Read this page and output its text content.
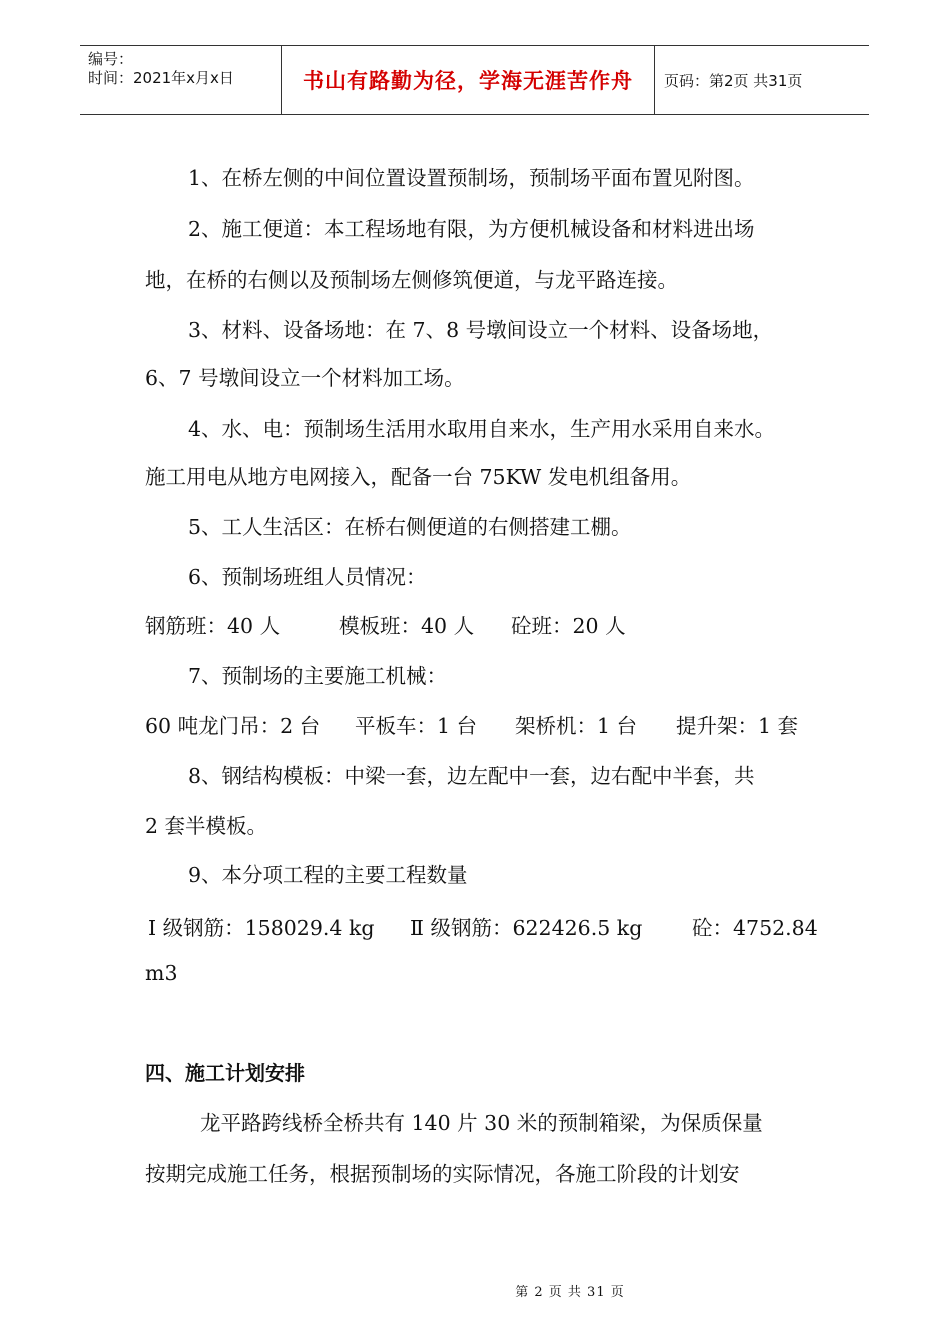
编号：
时间：2021年x月x日	书山有路勤为径，学海无涯苦作舟	页码：第2页 共31页
1、在桥左侧的中间位置设置预制场，预制场平面布置见附图。
2、施工便道：本工程场地有限，为方便机械设备和材料进出场
地，在桥的右侧以及预制场左侧修筑便道，与龙平路连接。
3、材料、设备场地：在 7、8 号墩间设立一个材料、设备场地，
6、7 号墩间设立一个材料加工场。
4、水、电：预制场生活用水取用自来水，生产用水采用自来水。
施工用电从地方电网接入，配备一台 75KW 发电机组备用。
5、工人生活区：在桥右侧便道的右侧搭建工棚。
6、预制场班组人员情况：
钢筋班：40 人	模板班：40 人 砼班：20 人
7、预制场的主要施工机械：
60 吨龙门吊：2 台 平板车：1 台 架桥机：1 台 提升架：1 套
8、钢结构模板：中梁一套，边左配中一套，边右配中半套，共
2 套半模板。
9、本分项工程的主要工程数量
Ⅰ 级钢筋：158029.4 kg Ⅱ 级钢筋：622426.5 kg 砼：4752.84
m3
四、施工计划安排
龙平路跨线桥全桥共有 140 片 30 米的预制箱梁，为保质保量
按期完成施工任务，根据预制场的实际情况，各施工阶段的计划安
第 2 页 共 31 页
